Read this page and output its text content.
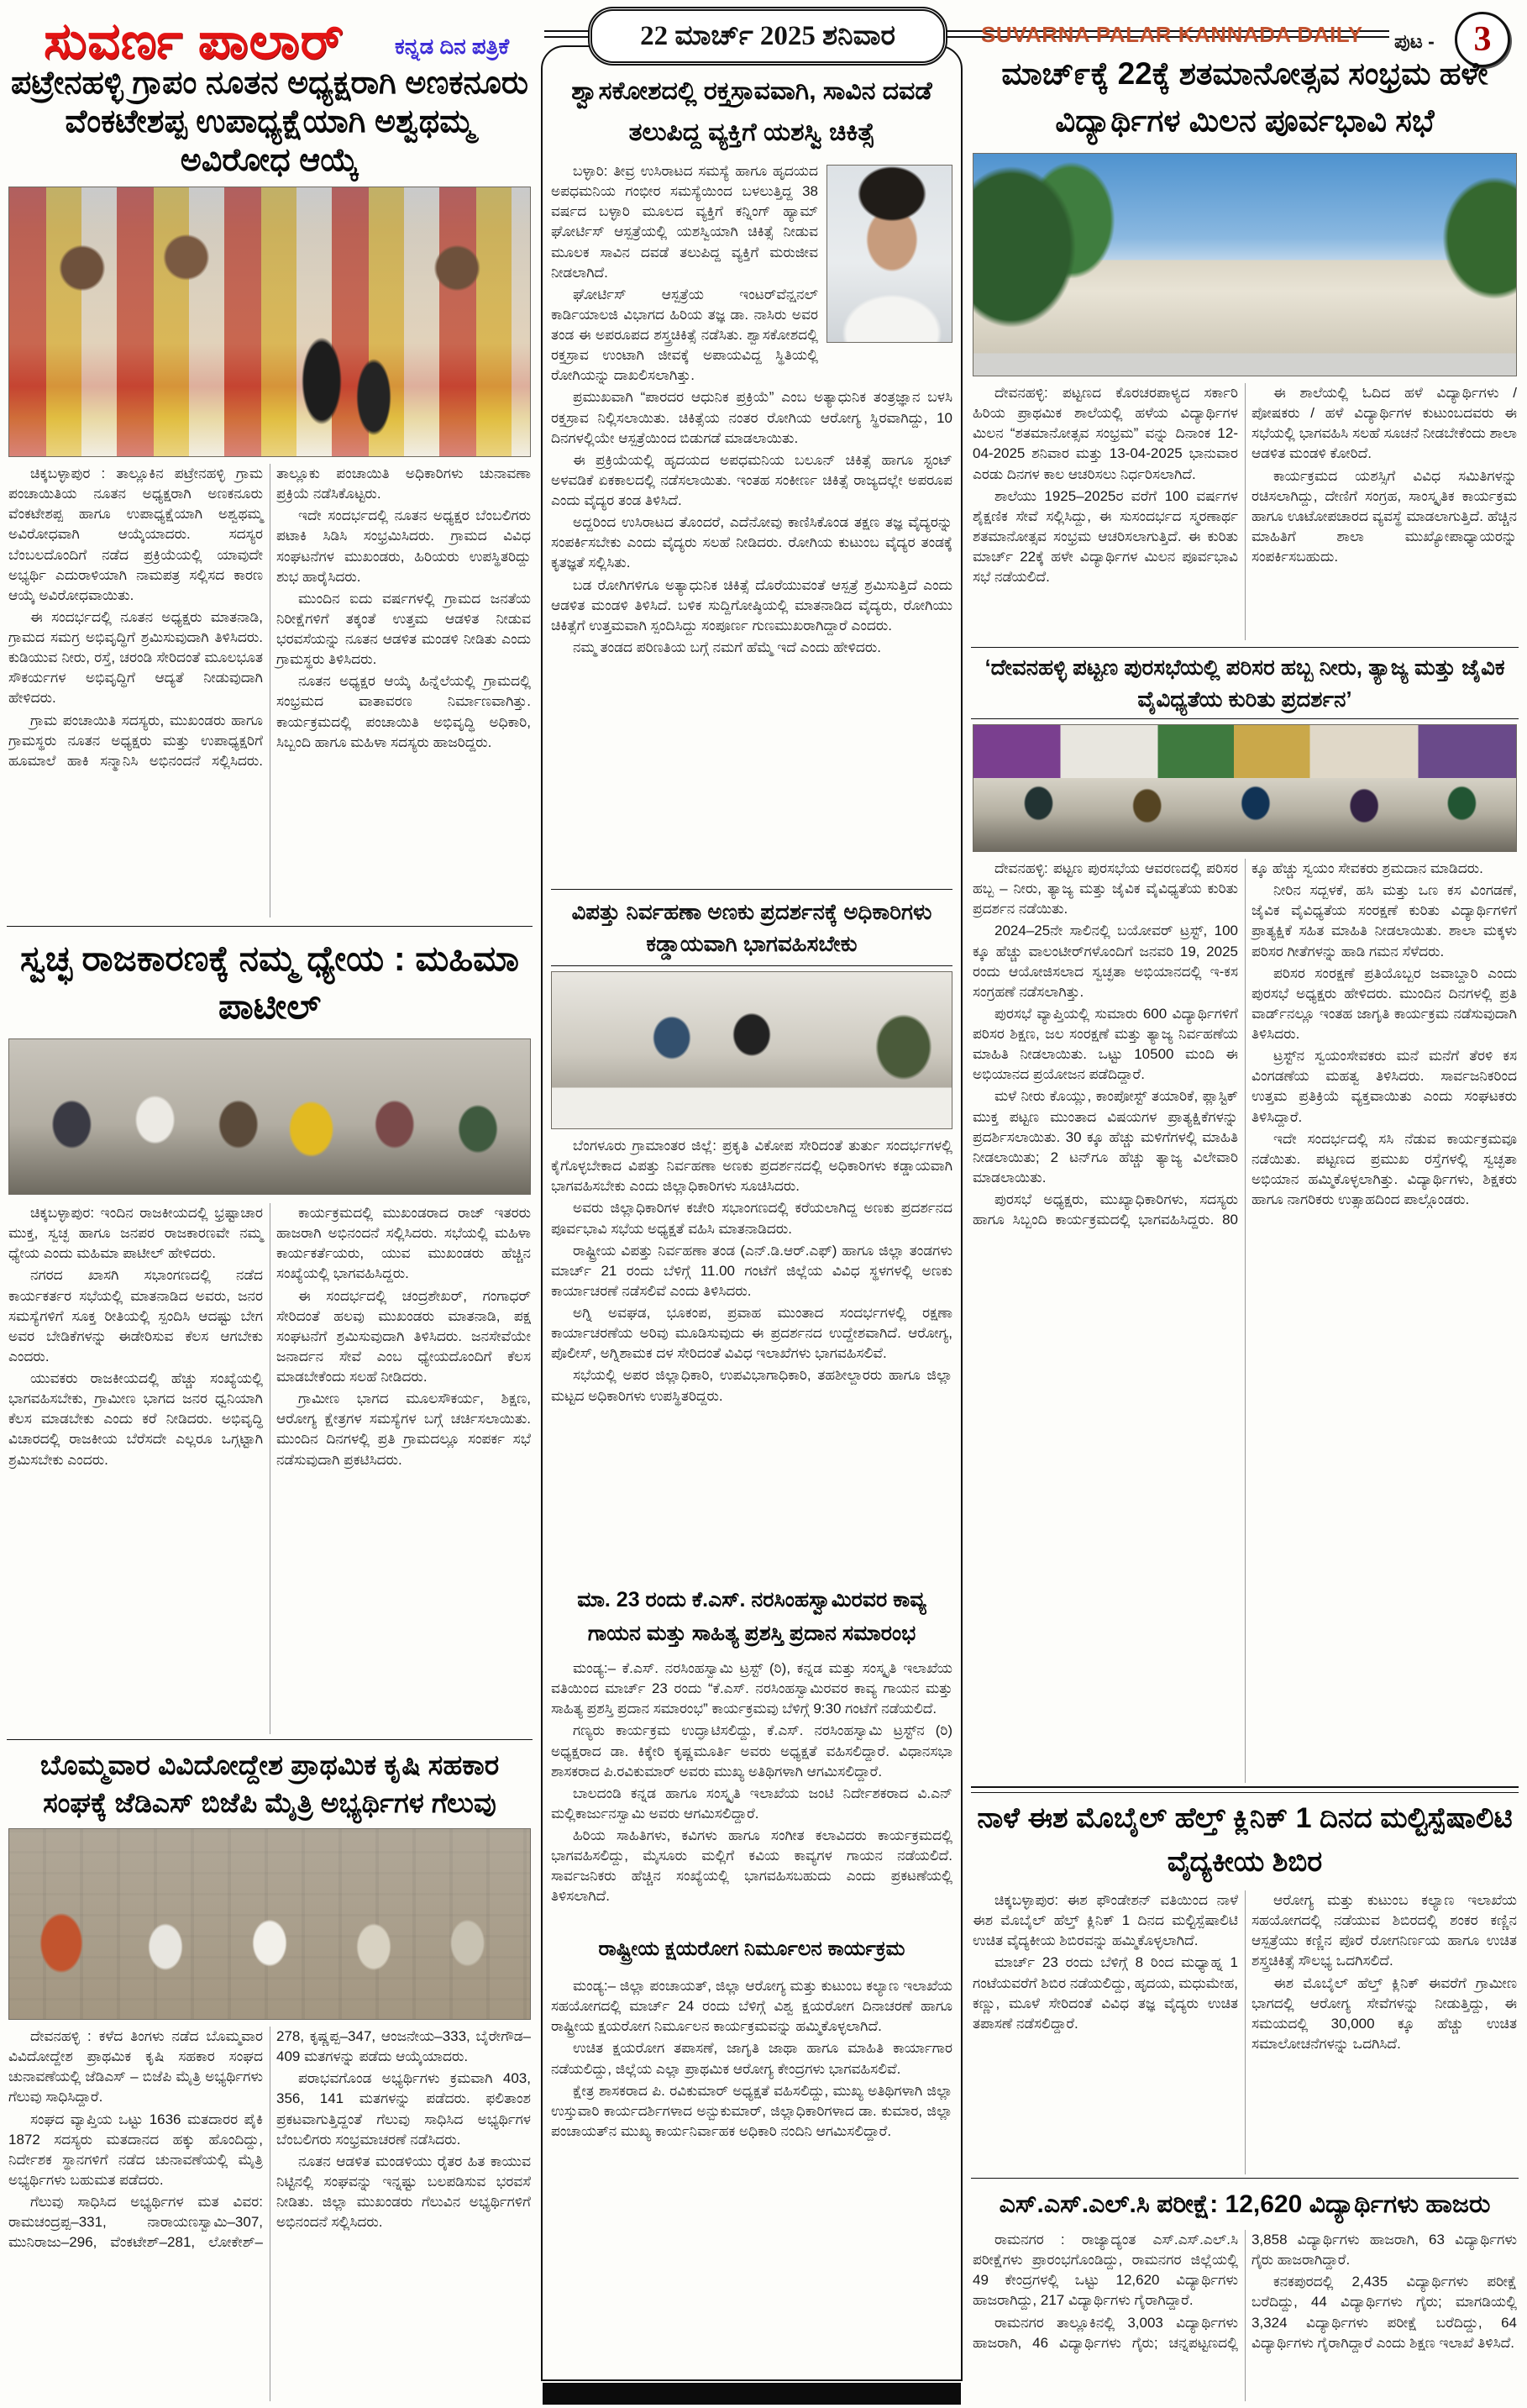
ಸುವರ್ಣ ಪಾಲಾರ್ ಕನ್ನಡ ದಿನ ಪತ್ರಿಕೆ	22 ಮಾರ್ಚ್ 2025 ಶನಿವಾರ	SUVARNA PALAR KANNADA DAILY ಪುಟ -	3
ಪಟ್ರೇನಹಳ್ಳಿ ಗ್ರಾಪಂ ನೂತನ ಅಧ್ಯಕ್ಷರಾಗಿ ಅಣಕನೂರು ವೆಂಕಟೇಶಪ್ಪ ಉಪಾಧ್ಯಕ್ಷೆಯಾಗಿ ಅಶ್ವಥಮ್ಮ ಅವಿರೋಧ ಆಯ್ಕೆ

ಚಿಕ್ಕಬಳ್ಳಾಪುರ : ತಾಲ್ಲೂಕಿನ ಪಟ್ರೇನಹಳ್ಳಿ ಗ್ರಾಮ ಪಂಚಾಯಿತಿಯ ನೂತನ ಅಧ್ಯಕ್ಷರಾಗಿ ಅಣಕನೂರು ವೆಂಕಟೇಶಪ್ಪ ಹಾಗೂ ಉಪಾಧ್ಯಕ್ಷೆಯಾಗಿ ಅಶ್ವಥಮ್ಮ ಅವಿರೋಧವಾಗಿ ಆಯ್ಕೆಯಾದರು. ಸದಸ್ಯರ ಬೆಂಬಲದೊಂದಿಗೆ ನಡೆದ ಪ್ರಕ್ರಿಯೆಯಲ್ಲಿ ಯಾವುದೇ ಅಭ್ಯರ್ಥಿ ಎದುರಾಳಿಯಾಗಿ ನಾಮಪತ್ರ ಸಲ್ಲಿಸದ ಕಾರಣ ಆಯ್ಕೆ ಅವಿರೋಧವಾಯಿತು.

ಈ ಸಂದರ್ಭದಲ್ಲಿ ನೂತನ ಅಧ್ಯಕ್ಷರು ಮಾತನಾಡಿ, ಗ್ರಾಮದ ಸಮಗ್ರ ಅಭಿವೃದ್ಧಿಗೆ ಶ್ರಮಿಸುವುದಾಗಿ ತಿಳಿಸಿದರು. ಕುಡಿಯುವ ನೀರು, ರಸ್ತೆ, ಚರಂಡಿ ಸೇರಿದಂತೆ ಮೂಲಭೂತ ಸೌಕರ್ಯಗಳ ಅಭಿವೃದ್ಧಿಗೆ ಆದ್ಯತೆ ನೀಡುವುದಾಗಿ ಹೇಳಿದರು.

ಗ್ರಾಮ ಪಂಚಾಯಿತಿ ಸದಸ್ಯರು, ಮುಖಂಡರು ಹಾಗೂ ಗ್ರಾಮಸ್ಥರು ನೂತನ ಅಧ್ಯಕ್ಷರು ಮತ್ತು ಉಪಾಧ್ಯಕ್ಷರಿಗೆ ಹೂಮಾಲೆ ಹಾಕಿ ಸನ್ಮಾನಿಸಿ ಅಭಿನಂದನೆ ಸಲ್ಲಿಸಿದರು. ತಾಲ್ಲೂಕು ಪಂಚಾಯಿತಿ ಅಧಿಕಾರಿಗಳು ಚುನಾವಣಾ ಪ್ರಕ್ರಿಯೆ ನಡೆಸಿಕೊಟ್ಟರು.

ಇದೇ ಸಂದರ್ಭದಲ್ಲಿ ನೂತನ ಅಧ್ಯಕ್ಷರ ಬೆಂಬಲಿಗರು ಪಟಾಕಿ ಸಿಡಿಸಿ ಸಂಭ್ರಮಿಸಿದರು. ಗ್ರಾಮದ ವಿವಿಧ ಸಂಘಟನೆಗಳ ಮುಖಂಡರು, ಹಿರಿಯರು ಉಪಸ್ಥಿತರಿದ್ದು ಶುಭ ಹಾರೈಸಿದರು.

ಮುಂದಿನ ಐದು ವರ್ಷಗಳಲ್ಲಿ ಗ್ರಾಮದ ಜನತೆಯ ನಿರೀಕ್ಷೆಗಳಿಗೆ ತಕ್ಕಂತೆ ಉತ್ತಮ ಆಡಳಿತ ನೀಡುವ ಭರವಸೆಯನ್ನು ನೂತನ ಆಡಳಿತ ಮಂಡಳಿ ನೀಡಿತು ಎಂದು ಗ್ರಾಮಸ್ಥರು ತಿಳಿಸಿದರು.

ನೂತನ ಅಧ್ಯಕ್ಷರ ಆಯ್ಕೆ ಹಿನ್ನೆಲೆಯಲ್ಲಿ ಗ್ರಾಮದಲ್ಲಿ ಸಂಭ್ರಮದ ವಾತಾವರಣ ನಿರ್ಮಾಣವಾಗಿತ್ತು. ಕಾರ್ಯಕ್ರಮದಲ್ಲಿ ಪಂಚಾಯಿತಿ ಅಭಿವೃದ್ಧಿ ಅಧಿಕಾರಿ, ಸಿಬ್ಬಂದಿ ಹಾಗೂ ಮಹಿಳಾ ಸದಸ್ಯರು ಹಾಜರಿದ್ದರು.

ಸ್ವಚ್ಛ ರಾಜಕಾರಣಕ್ಕೆ ನಮ್ಮ ಧ್ಯೇಯ : ಮಹಿಮಾ ಪಾಟೀಲ್

ಚಿಕ್ಕಬಳ್ಳಾಪುರ: ಇಂದಿನ ರಾಜಕೀಯದಲ್ಲಿ ಭ್ರಷ್ಟಾಚಾರ ಮುಕ್ತ, ಸ್ವಚ್ಛ ಹಾಗೂ ಜನಪರ ರಾಜಕಾರಣವೇ ನಮ್ಮ ಧ್ಯೇಯ ಎಂದು ಮಹಿಮಾ ಪಾಟೀಲ್ ಹೇಳಿದರು.

ನಗರದ ಖಾಸಗಿ ಸಭಾಂಗಣದಲ್ಲಿ ನಡೆದ ಕಾರ್ಯಕರ್ತರ ಸಭೆಯಲ್ಲಿ ಮಾತನಾಡಿದ ಅವರು, ಜನರ ಸಮಸ್ಯೆಗಳಿಗೆ ಸೂಕ್ತ ರೀತಿಯಲ್ಲಿ ಸ್ಪಂದಿಸಿ ಆದಷ್ಟು ಬೇಗ ಅವರ ಬೇಡಿಕೆಗಳನ್ನು ಈಡೇರಿಸುವ ಕೆಲಸ ಆಗಬೇಕು ಎಂದರು.

ಯುವಕರು ರಾಜಕೀಯದಲ್ಲಿ ಹೆಚ್ಚು ಸಂಖ್ಯೆಯಲ್ಲಿ ಭಾಗವಹಿಸಬೇಕು, ಗ್ರಾಮೀಣ ಭಾಗದ ಜನರ ಧ್ವನಿಯಾಗಿ ಕೆಲಸ ಮಾಡಬೇಕು ಎಂದು ಕರೆ ನೀಡಿದರು. ಅಭಿವೃದ್ಧಿ ವಿಚಾರದಲ್ಲಿ ರಾಜಕೀಯ ಬೆರೆಸದೇ ಎಲ್ಲರೂ ಒಗ್ಗಟ್ಟಾಗಿ ಶ್ರಮಿಸಬೇಕು ಎಂದರು.

ಕಾರ್ಯಕ್ರಮದಲ್ಲಿ ಮುಖಂಡರಾದ ರಾಜ್ ಇತರರು ಹಾಜರಾಗಿ ಅಭಿನಂದನೆ ಸಲ್ಲಿಸಿದರು. ಸಭೆಯಲ್ಲಿ ಮಹಿಳಾ ಕಾರ್ಯಕರ್ತೆಯರು, ಯುವ ಮುಖಂಡರು ಹೆಚ್ಚಿನ ಸಂಖ್ಯೆಯಲ್ಲಿ ಭಾಗವಹಿಸಿದ್ದರು.

ಈ ಸಂದರ್ಭದಲ್ಲಿ ಚಂದ್ರಶೇಖರ್, ಗಂಗಾಧರ್ ಸೇರಿದಂತೆ ಹಲವು ಮುಖಂಡರು ಮಾತನಾಡಿ, ಪಕ್ಷ ಸಂಘಟನೆಗೆ ಶ್ರಮಿಸುವುದಾಗಿ ತಿಳಿಸಿದರು. ಜನಸೇವೆಯೇ ಜನಾರ್ದನ ಸೇವೆ ಎಂಬ ಧ್ಯೇಯದೊಂದಿಗೆ ಕೆಲಸ ಮಾಡಬೇಕೆಂದು ಸಲಹೆ ನೀಡಿದರು.

ಗ್ರಾಮೀಣ ಭಾಗದ ಮೂಲಸೌಕರ್ಯ, ಶಿಕ್ಷಣ, ಆರೋಗ್ಯ ಕ್ಷೇತ್ರಗಳ ಸಮಸ್ಯೆಗಳ ಬಗ್ಗೆ ಚರ್ಚಿಸಲಾಯಿತು. ಮುಂದಿನ ದಿನಗಳಲ್ಲಿ ಪ್ರತಿ ಗ್ರಾಮದಲ್ಲೂ ಸಂಪರ್ಕ ಸಭೆ ನಡೆಸುವುದಾಗಿ ಪ್ರಕಟಿಸಿದರು.

ಬೊಮ್ಮವಾರ ವಿವಿದೋದ್ದೇಶ ಪ್ರಾಥಮಿಕ ಕೃಷಿ ಸಹಕಾರ ಸಂಘಕ್ಕೆ ಜೆಡಿಎಸ್ ಬಿಜೆಪಿ ಮೈತ್ರಿ ಅಭ್ಯರ್ಥಿಗಳ ಗೆಲುವು

ದೇವನಹಳ್ಳಿ : ಕಳೆದ ತಿಂಗಳು ನಡೆದ ಬೊಮ್ಮವಾರ ವಿವಿದೋದ್ದೇಶ ಪ್ರಾಥಮಿಕ ಕೃಷಿ ಸಹಕಾರ ಸಂಘದ ಚುನಾವಣೆಯಲ್ಲಿ ಜೆಡಿಎಸ್ – ಬಿಜೆಪಿ ಮೈತ್ರಿ ಅಭ್ಯರ್ಥಿಗಳು ಗೆಲುವು ಸಾಧಿಸಿದ್ದಾರೆ.

ಸಂಘದ ವ್ಯಾಪ್ತಿಯ ಒಟ್ಟು 1636 ಮತದಾರರ ಪೈಕಿ 1872 ಸದಸ್ಯರು ಮತದಾನದ ಹಕ್ಕು ಹೊಂದಿದ್ದು, ನಿರ್ದೇಶಕ ಸ್ಥಾನಗಳಿಗೆ ನಡೆದ ಚುನಾವಣೆಯಲ್ಲಿ ಮೈತ್ರಿ ಅಭ್ಯರ್ಥಿಗಳು ಬಹುಮತ ಪಡೆದರು.

ಗೆಲುವು ಸಾಧಿಸಿದ ಅಭ್ಯರ್ಥಿಗಳ ಮತ ವಿವರ: ರಾಮಚಂದ್ರಪ್ಪ–331, ನಾರಾಯಣಸ್ವಾಮಿ–307, ಮುನಿರಾಜು–296, ವೆಂಕಟೇಶ್–281, ಲೋಕೇಶ್–278, ಕೃಷ್ಣಪ್ಪ–347, ಆಂಜನೇಯ–333, ಬೈರೇಗೌಡ–409 ಮತಗಳನ್ನು ಪಡೆದು ಆಯ್ಕೆಯಾದರು.

ಪರಾಭವಗೊಂಡ ಅಭ್ಯರ್ಥಿಗಳು ಕ್ರಮವಾಗಿ 403, 356, 141 ಮತಗಳನ್ನು ಪಡೆದರು. ಫಲಿತಾಂಶ ಪ್ರಕಟವಾಗುತ್ತಿದ್ದಂತೆ ಗೆಲುವು ಸಾಧಿಸಿದ ಅಭ್ಯರ್ಥಿಗಳ ಬೆಂಬಲಿಗರು ಸಂಭ್ರಮಾಚರಣೆ ನಡೆಸಿದರು.

ನೂತನ ಆಡಳಿತ ಮಂಡಳಿಯು ರೈತರ ಹಿತ ಕಾಯುವ ನಿಟ್ಟಿನಲ್ಲಿ ಸಂಘವನ್ನು ಇನ್ನಷ್ಟು ಬಲಪಡಿಸುವ ಭರವಸೆ ನೀಡಿತು. ಜಿಲ್ಲಾ ಮುಖಂಡರು ಗೆಲುವಿನ ಅಭ್ಯರ್ಥಿಗಳಿಗೆ ಅಭಿನಂದನೆ ಸಲ್ಲಿಸಿದರು.

ಶ್ವಾಸಕೋಶದಲ್ಲಿ ರಕ್ತಸ್ರಾವವಾಗಿ, ಸಾವಿನ ದವಡೆ ತಲುಪಿದ್ದ ವ್ಯಕ್ತಿಗೆ ಯಶಸ್ವಿ ಚಿಕಿತ್ಸೆ

ಬಳ್ಳಾರಿ: ತೀವ್ರ ಉಸಿರಾಟದ ಸಮಸ್ಯೆ ಹಾಗೂ ಹೃದಯದ ಅಪಧಮನಿಯ ಗಂಭೀರ ಸಮಸ್ಯೆಯಿಂದ ಬಳಲುತ್ತಿದ್ದ 38 ವರ್ಷದ ಬಳ್ಳಾರಿ ಮೂಲದ ವ್ಯಕ್ತಿಗೆ ಕನ್ನಿಂಗ್ ಹ್ಯಾಮ್ ಘೋರ್ಟಿಸ್ ಆಸ್ಪತ್ರೆಯಲ್ಲಿ ಯಶಸ್ವಿಯಾಗಿ ಚಿಕಿತ್ಸೆ ನೀಡುವ ಮೂಲಕ ಸಾವಿನ ದವಡೆ ತಲುಪಿದ್ದ ವ್ಯಕ್ತಿಗೆ ಮರುಜೀವ ನೀಡಲಾಗಿದೆ.

ಘೋರ್ಟಿಸ್ ಆಸ್ಪತ್ರೆಯ ಇಂಟರ್‌ವೆನ್ಷನಲ್ ಕಾರ್ಡಿಯಾಲಜಿ ವಿಭಾಗದ ಹಿರಿಯ ತಜ್ಞ ಡಾ. ನಾಸಿರು ಅವರ ತಂಡ ಈ ಅಪರೂಪದ ಶಸ್ತ್ರಚಿಕಿತ್ಸೆ ನಡೆಸಿತು. ಶ್ವಾಸಕೋಶದಲ್ಲಿ ರಕ್ತಸ್ರಾವ ಉಂಟಾಗಿ ಜೀವಕ್ಕೆ ಅಪಾಯವಿದ್ದ ಸ್ಥಿತಿಯಲ್ಲಿ ರೋಗಿಯನ್ನು ದಾಖಲಿಸಲಾಗಿತ್ತು.

ಪ್ರಮುಖವಾಗಿ “ಪಾರದರ ಆಧುನಿಕ ಪ್ರಕ್ರಿಯೆ” ಎಂಬ ಅತ್ಯಾಧುನಿಕ ತಂತ್ರಜ್ಞಾನ ಬಳಸಿ ರಕ್ತಸ್ರಾವ ನಿಲ್ಲಿಸಲಾಯಿತು. ಚಿಕಿತ್ಸೆಯ ನಂತರ ರೋಗಿಯ ಆರೋಗ್ಯ ಸ್ಥಿರವಾಗಿದ್ದು, 10 ದಿನಗಳಲ್ಲಿಯೇ ಆಸ್ಪತ್ರೆಯಿಂದ ಬಿಡುಗಡೆ ಮಾಡಲಾಯಿತು.

ಈ ಪ್ರಕ್ರಿಯೆಯಲ್ಲಿ ಹೃದಯದ ಅಪಧಮನಿಯ ಬಲೂನ್ ಚಿಕಿತ್ಸೆ ಹಾಗೂ ಸ್ಟಂಟ್ ಅಳವಡಿಕೆ ಏಕಕಾಲದಲ್ಲಿ ನಡೆಸಲಾಯಿತು. ಇಂತಹ ಸಂಕೀರ್ಣ ಚಿಕಿತ್ಸೆ ರಾಜ್ಯದಲ್ಲೇ ಅಪರೂಪ ಎಂದು ವೈದ್ಯರ ತಂಡ ತಿಳಿಸಿದೆ.

ಅದ್ದರಿಂದ ಉಸಿರಾಟದ ತೊಂದರೆ, ಎದೆನೋವು ಕಾಣಿಸಿಕೊಂಡ ತಕ್ಷಣ ತಜ್ಞ ವೈದ್ಯರನ್ನು ಸಂಪರ್ಕಿಸಬೇಕು ಎಂದು ವೈದ್ಯರು ಸಲಹೆ ನೀಡಿದರು. ರೋಗಿಯ ಕುಟುಂಬ ವೈದ್ಯರ ತಂಡಕ್ಕೆ ಕೃತಜ್ಞತೆ ಸಲ್ಲಿಸಿತು.

ಬಡ ರೋಗಿಗಳಿಗೂ ಅತ್ಯಾಧುನಿಕ ಚಿಕಿತ್ಸೆ ದೊರೆಯುವಂತೆ ಆಸ್ಪತ್ರೆ ಶ್ರಮಿಸುತ್ತಿದೆ ಎಂದು ಆಡಳಿತ ಮಂಡಳಿ ತಿಳಿಸಿದೆ. ಬಳಿಕ ಸುದ್ದಿಗೋಷ್ಠಿಯಲ್ಲಿ ಮಾತನಾಡಿದ ವೈದ್ಯರು, ರೋಗಿಯು ಚಿಕಿತ್ಸೆಗೆ ಉತ್ತಮವಾಗಿ ಸ್ಪಂದಿಸಿದ್ದು ಸಂಪೂರ್ಣ ಗುಣಮುಖರಾಗಿದ್ದಾರೆ ಎಂದರು.

ನಮ್ಮ ತಂಡದ ಪರಿಣತಿಯ ಬಗ್ಗೆ ನಮಗೆ ಹೆಮ್ಮೆ ಇದೆ ಎಂದು ಹೇಳಿದರು.

ವಿಪತ್ತು ನಿರ್ವಹಣಾ ಅಣಕು ಪ್ರದರ್ಶನಕ್ಕೆ ಅಧಿಕಾರಿಗಳು ಕಡ್ಡಾಯವಾಗಿ ಭಾಗವಹಿಸಬೇಕು

ಬೆಂಗಳೂರು ಗ್ರಾಮಾಂತರ ಜಿಲ್ಲೆ: ಪ್ರಕೃತಿ ವಿಕೋಪ ಸೇರಿದಂತೆ ತುರ್ತು ಸಂದರ್ಭಗಳಲ್ಲಿ ಕೈಗೊಳ್ಳಬೇಕಾದ ವಿಪತ್ತು ನಿರ್ವಹಣಾ ಅಣಕು ಪ್ರದರ್ಶನದಲ್ಲಿ ಅಧಿಕಾರಿಗಳು ಕಡ್ಡಾಯವಾಗಿ ಭಾಗವಹಿಸಬೇಕು ಎಂದು ಜಿಲ್ಲಾಧಿಕಾರಿಗಳು ಸೂಚಿಸಿದರು.

ಅವರು ಜಿಲ್ಲಾಧಿಕಾರಿಗಳ ಕಚೇರಿ ಸಭಾಂಗಣದಲ್ಲಿ ಕರೆಯಲಾಗಿದ್ದ ಅಣಕು ಪ್ರದರ್ಶನದ ಪೂರ್ವಭಾವಿ ಸಭೆಯ ಅಧ್ಯಕ್ಷತೆ ವಹಿಸಿ ಮಾತನಾಡಿದರು.

ರಾಷ್ಟ್ರೀಯ ವಿಪತ್ತು ನಿರ್ವಹಣಾ ತಂಡ (ಎನ್.ಡಿ.ಆರ್.ಎಫ್) ಹಾಗೂ ಜಿಲ್ಲಾ ತಂಡಗಳು ಮಾರ್ಚ್ 21 ರಂದು ಬೆಳಿಗ್ಗೆ 11.00 ಗಂಟೆಗೆ ಜಿಲ್ಲೆಯ ವಿವಿಧ ಸ್ಥಳಗಳಲ್ಲಿ ಅಣಕು ಕಾರ್ಯಾಚರಣೆ ನಡೆಸಲಿವೆ ಎಂದು ತಿಳಿಸಿದರು.

ಅಗ್ನಿ ಅವಘಡ, ಭೂಕಂಪ, ಪ್ರವಾಹ ಮುಂತಾದ ಸಂದರ್ಭಗಳಲ್ಲಿ ರಕ್ಷಣಾ ಕಾರ್ಯಾಚರಣೆಯ ಅರಿವು ಮೂಡಿಸುವುದು ಈ ಪ್ರದರ್ಶನದ ಉದ್ದೇಶವಾಗಿದೆ. ಆರೋಗ್ಯ, ಪೊಲೀಸ್, ಅಗ್ನಿಶಾಮಕ ದಳ ಸೇರಿದಂತೆ ವಿವಿಧ ಇಲಾಖೆಗಳು ಭಾಗವಹಿಸಲಿವೆ.

ಸಭೆಯಲ್ಲಿ ಅಪರ ಜಿಲ್ಲಾಧಿಕಾರಿ, ಉಪವಿಭಾಗಾಧಿಕಾರಿ, ತಹಶೀಲ್ದಾರರು ಹಾಗೂ ಜಿಲ್ಲಾ ಮಟ್ಟದ ಅಧಿಕಾರಿಗಳು ಉಪಸ್ಥಿತರಿದ್ದರು.

ಮಾ. 23 ರಂದು ಕೆ.ಎಸ್. ನರಸಿಂಹಸ್ವಾಮಿರವರ ಕಾವ್ಯ ಗಾಯನ ಮತ್ತು ಸಾಹಿತ್ಯ ಪ್ರಶಸ್ತಿ ಪ್ರದಾನ ಸಮಾರಂಭ

ಮಂಡ್ಯ:– ಕೆ.ಎಸ್. ನರಸಿಂಹಸ್ವಾಮಿ ಟ್ರಸ್ಟ್ (ರಿ), ಕನ್ನಡ ಮತ್ತು ಸಂಸ್ಕೃತಿ ಇಲಾಖೆಯ ವತಿಯಿಂದ ಮಾರ್ಚ್ 23 ರಂದು “ಕೆ.ಎಸ್. ನರಸಿಂಹಸ್ವಾಮಿರವರ ಕಾವ್ಯ ಗಾಯನ ಮತ್ತು ಸಾಹಿತ್ಯ ಪ್ರಶಸ್ತಿ ಪ್ರದಾನ ಸಮಾರಂಭ” ಕಾರ್ಯಕ್ರಮವು ಬೆಳಿಗ್ಗೆ 9:30 ಗಂಟೆಗೆ ನಡೆಯಲಿದೆ.

ಗಣ್ಯರು ಕಾರ್ಯಕ್ರಮ ಉದ್ಘಾಟಿಸಲಿದ್ದು, ಕೆ.ಎಸ್. ನರಸಿಂಹಸ್ವಾಮಿ ಟ್ರಸ್ಟ್‌ನ (ರಿ) ಅಧ್ಯಕ್ಷರಾದ ಡಾ. ಕಿಕ್ಕೇರಿ ಕೃಷ್ಣಮೂರ್ತಿ ಅವರು ಅಧ್ಯಕ್ಷತೆ ವಹಿಸಲಿದ್ದಾರೆ. ವಿಧಾನಸಭಾ ಶಾಸಕರಾದ ಪಿ.ರವಿಕುಮಾರ್ ಅವರು ಮುಖ್ಯ ಅತಿಥಿಗಳಾಗಿ ಆಗಮಿಸಲಿದ್ದಾರೆ.

ಬಾಲದಂಡಿ ಕನ್ನಡ ಹಾಗೂ ಸಂಸ್ಕೃತಿ ಇಲಾಖೆಯ ಜಂಟಿ ನಿರ್ದೇಶಕರಾದ ವಿ.ಎನ್ ಮಲ್ಲಿಕಾರ್ಜುನಸ್ವಾಮಿ ಅವರು ಆಗಮಿಸಲಿದ್ದಾರೆ.

ಹಿರಿಯ ಸಾಹಿತಿಗಳು, ಕವಿಗಳು ಹಾಗೂ ಸಂಗೀತ ಕಲಾವಿದರು ಕಾರ್ಯಕ್ರಮದಲ್ಲಿ ಭಾಗವಹಿಸಲಿದ್ದು, ಮೈಸೂರು ಮಲ್ಲಿಗೆ ಕವಿಯ ಕಾವ್ಯಗಳ ಗಾಯನ ನಡೆಯಲಿದೆ. ಸಾರ್ವಜನಿಕರು ಹೆಚ್ಚಿನ ಸಂಖ್ಯೆಯಲ್ಲಿ ಭಾಗವಹಿಸಬಹುದು ಎಂದು ಪ್ರಕಟಣೆಯಲ್ಲಿ ತಿಳಿಸಲಾಗಿದೆ.

ರಾಷ್ಟ್ರೀಯ ಕ್ಷಯರೋಗ ನಿರ್ಮೂಲನ ಕಾರ್ಯಕ್ರಮ

ಮಂಡ್ಯ:– ಜಿಲ್ಲಾ ಪಂಚಾಯತ್, ಜಿಲ್ಲಾ ಆರೋಗ್ಯ ಮತ್ತು ಕುಟುಂಬ ಕಲ್ಯಾಣ ಇಲಾಖೆಯ ಸಹಯೋಗದಲ್ಲಿ ಮಾರ್ಚ್ 24 ರಂದು ಬೆಳಿಗ್ಗೆ ವಿಶ್ವ ಕ್ಷಯರೋಗ ದಿನಾಚರಣೆ ಹಾಗೂ ರಾಷ್ಟ್ರೀಯ ಕ್ಷಯರೋಗ ನಿರ್ಮೂಲನ ಕಾರ್ಯಕ್ರಮವನ್ನು ಹಮ್ಮಿಕೊಳ್ಳಲಾಗಿದೆ.

ಉಚಿತ ಕ್ಷಯರೋಗ ತಪಾಸಣೆ, ಜಾಗೃತಿ ಜಾಥಾ ಹಾಗೂ ಮಾಹಿತಿ ಕಾರ್ಯಾಗಾರ ನಡೆಯಲಿದ್ದು, ಜಿಲ್ಲೆಯ ಎಲ್ಲಾ ಪ್ರಾಥಮಿಕ ಆರೋಗ್ಯ ಕೇಂದ್ರಗಳು ಭಾಗವಹಿಸಲಿವೆ.

ಕ್ಷೇತ್ರ ಶಾಸಕರಾದ ಪಿ. ರವಿಕುಮಾರ್ ಅಧ್ಯಕ್ಷತೆ ವಹಿಸಲಿದ್ದು, ಮುಖ್ಯ ಅತಿಥಿಗಳಾಗಿ ಜಿಲ್ಲಾ ಉಸ್ತುವಾರಿ ಕಾರ್ಯದರ್ಶಿಗಳಾದ ಅನ್ಬುಕುಮಾರ್, ಜಿಲ್ಲಾಧಿಕಾರಿಗಳಾದ ಡಾ. ಕುಮಾರ, ಜಿಲ್ಲಾ ಪಂಚಾಯತ್‌ನ ಮುಖ್ಯ ಕಾರ್ಯನಿರ್ವಾಹಕ ಅಧಿಕಾರಿ ನಂದಿನಿ ಆಗಮಿಸಲಿದ್ದಾರೆ.

ಮಾಚ್೯ಕ್ಕೆ 22ಕ್ಕೆ ಶತಮಾನೋತ್ಸವ ಸಂಭ್ರಮ ಹಳೇ ವಿದ್ಯಾರ್ಥಿಗಳ ಮಿಲನ ಪೂರ್ವಭಾವಿ ಸಭೆ

ದೇವನಹಳ್ಳಿ: ಪಟ್ಟಣದ ಕೊರಚರಪಾಳ್ಯದ ಸರ್ಕಾರಿ ಹಿರಿಯ ಪ್ರಾಥಮಿಕ ಶಾಲೆಯಲ್ಲಿ ಹಳೆಯ ವಿದ್ಯಾರ್ಥಿಗಳ ಮಿಲನ “ಶತಮಾನೋತ್ಸವ ಸಂಭ್ರಮ” ವನ್ನು ದಿನಾಂಕ 12-04-2025 ಶನಿವಾರ ಮತ್ತು 13-04-2025 ಭಾನುವಾರ ಎರಡು ದಿನಗಳ ಕಾಲ ಆಚರಿಸಲು ನಿರ್ಧರಿಸಲಾಗಿದೆ.

ಶಾಲೆಯು 1925–2025ರ ವರೆಗೆ 100 ವರ್ಷಗಳ ಶೈಕ್ಷಣಿಕ ಸೇವೆ ಸಲ್ಲಿಸಿದ್ದು, ಈ ಸುಸಂದರ್ಭದ ಸ್ಮರಣಾರ್ಥ ಶತಮಾನೋತ್ಸವ ಸಂಭ್ರಮ ಆಚರಿಸಲಾಗುತ್ತಿದೆ. ಈ ಕುರಿತು ಮಾರ್ಚ್ 22ಕ್ಕೆ ಹಳೇ ವಿದ್ಯಾರ್ಥಿಗಳ ಮಿಲನ ಪೂರ್ವಭಾವಿ ಸಭೆ ನಡೆಯಲಿದೆ.

ಈ ಶಾಲೆಯಲ್ಲಿ ಓದಿದ ಹಳೆ ವಿದ್ಯಾರ್ಥಿಗಳು / ಪೋಷಕರು / ಹಳೆ ವಿದ್ಯಾರ್ಥಿಗಳ ಕುಟುಂಬದವರು ಈ ಸಭೆಯಲ್ಲಿ ಭಾಗವಹಿಸಿ ಸಲಹೆ ಸೂಚನೆ ನೀಡಬೇಕೆಂದು ಶಾಲಾ ಆಡಳಿತ ಮಂಡಳಿ ಕೋರಿದೆ.

ಕಾರ್ಯಕ್ರಮದ ಯಶಸ್ಸಿಗೆ ವಿವಿಧ ಸಮಿತಿಗಳನ್ನು ರಚಿಸಲಾಗಿದ್ದು, ದೇಣಿಗೆ ಸಂಗ್ರಹ, ಸಾಂಸ್ಕೃತಿಕ ಕಾರ್ಯಕ್ರಮ ಹಾಗೂ ಊಟೋಪಚಾರದ ವ್ಯವಸ್ಥೆ ಮಾಡಲಾಗುತ್ತಿದೆ. ಹೆಚ್ಚಿನ ಮಾಹಿತಿಗೆ ಶಾಲಾ ಮುಖ್ಯೋಪಾಧ್ಯಾಯರನ್ನು ಸಂಪರ್ಕಿಸಬಹುದು.

‘ದೇವನಹಳ್ಳಿ ಪಟ್ಟಣ ಪುರಸಭೆಯಲ್ಲಿ ಪರಿಸರ ಹಬ್ಬ ನೀರು, ತ್ಯಾಜ್ಯ ಮತ್ತು ಜೈವಿಕ ವೈವಿಧ್ಯತೆಯ ಕುರಿತು ಪ್ರದರ್ಶನ’

ದೇವನಹಳ್ಳಿ: ಪಟ್ಟಣ ಪುರಸಭೆಯ ಆವರಣದಲ್ಲಿ ಪರಿಸರ ಹಬ್ಬ – ನೀರು, ತ್ಯಾಜ್ಯ ಮತ್ತು ಜೈವಿಕ ವೈವಿಧ್ಯತೆಯ ಕುರಿತು ಪ್ರದರ್ಶನ ನಡೆಯಿತು.

2024–25ನೇ ಸಾಲಿನಲ್ಲಿ ಬಯೋವರ್ ಟ್ರಸ್ಟ್, 100 ಕ್ಕೂ ಹೆಚ್ಚು ವಾಲಂಟೀರ್‌ಗಳೊಂದಿಗೆ ಜನವರಿ 19, 2025 ರಂದು ಆಯೋಜಿಸಲಾದ ಸ್ವಚ್ಛತಾ ಅಭಿಯಾನದಲ್ಲಿ ಇ-ಕಸ ಸಂಗ್ರಹಣೆ ನಡೆಸಲಾಗಿತ್ತು.

ಪುರಸಭೆ ವ್ಯಾಪ್ತಿಯಲ್ಲಿ ಸುಮಾರು 600 ವಿದ್ಯಾರ್ಥಿಗಳಿಗೆ ಪರಿಸರ ಶಿಕ್ಷಣ, ಜಲ ಸಂರಕ್ಷಣೆ ಮತ್ತು ತ್ಯಾಜ್ಯ ನಿರ್ವಹಣೆಯ ಮಾಹಿತಿ ನೀಡಲಾಯಿತು. ಒಟ್ಟು 10500 ಮಂದಿ ಈ ಅಭಿಯಾನದ ಪ್ರಯೋಜನ ಪಡೆದಿದ್ದಾರೆ.

ಮಳೆ ನೀರು ಕೊಯ್ಲು, ಕಾಂಪೋಸ್ಟ್ ತಯಾರಿಕೆ, ಪ್ಲಾಸ್ಟಿಕ್ ಮುಕ್ತ ಪಟ್ಟಣ ಮುಂತಾದ ವಿಷಯಗಳ ಪ್ರಾತ್ಯಕ್ಷಿಕೆಗಳನ್ನು ಪ್ರದರ್ಶಿಸಲಾಯಿತು. 30 ಕ್ಕೂ ಹೆಚ್ಚು ಮಳಿಗೆಗಳಲ್ಲಿ ಮಾಹಿತಿ ನೀಡಲಾಯಿತು; 2 ಟನ್‌ಗೂ ಹೆಚ್ಚು ತ್ಯಾಜ್ಯ ವಿಲೇವಾರಿ ಮಾಡಲಾಯಿತು.

ಪುರಸಭೆ ಅಧ್ಯಕ್ಷರು, ಮುಖ್ಯಾಧಿಕಾರಿಗಳು, ಸದಸ್ಯರು ಹಾಗೂ ಸಿಬ್ಬಂದಿ ಕಾರ್ಯಕ್ರಮದಲ್ಲಿ ಭಾಗವಹಿಸಿದ್ದರು. 80 ಕ್ಕೂ ಹೆಚ್ಚು ಸ್ವಯಂ ಸೇವಕರು ಶ್ರಮದಾನ ಮಾಡಿದರು.

ನೀರಿನ ಸದ್ಬಳಕೆ, ಹಸಿ ಮತ್ತು ಒಣ ಕಸ ವಿಂಗಡಣೆ, ಜೈವಿಕ ವೈವಿಧ್ಯತೆಯ ಸಂರಕ್ಷಣೆ ಕುರಿತು ವಿದ್ಯಾರ್ಥಿಗಳಿಗೆ ಪ್ರಾತ್ಯಕ್ಷಿಕೆ ಸಹಿತ ಮಾಹಿತಿ ನೀಡಲಾಯಿತು. ಶಾಲಾ ಮಕ್ಕಳು ಪರಿಸರ ಗೀತೆಗಳನ್ನು ಹಾಡಿ ಗಮನ ಸೆಳೆದರು.

ಪರಿಸರ ಸಂರಕ್ಷಣೆ ಪ್ರತಿಯೊಬ್ಬರ ಜವಾಬ್ದಾರಿ ಎಂದು ಪುರಸಭೆ ಅಧ್ಯಕ್ಷರು ಹೇಳಿದರು. ಮುಂದಿನ ದಿನಗಳಲ್ಲಿ ಪ್ರತಿ ವಾರ್ಡ್‌ನಲ್ಲೂ ಇಂತಹ ಜಾಗೃತಿ ಕಾರ್ಯಕ್ರಮ ನಡೆಸುವುದಾಗಿ ತಿಳಿಸಿದರು.

ಟ್ರಸ್ಟ್‌ನ ಸ್ವಯಂಸೇವಕರು ಮನೆ ಮನೆಗೆ ತೆರಳಿ ಕಸ ವಿಂಗಡಣೆಯ ಮಹತ್ವ ತಿಳಿಸಿದರು. ಸಾರ್ವಜನಿಕರಿಂದ ಉತ್ತಮ ಪ್ರತಿಕ್ರಿಯೆ ವ್ಯಕ್ತವಾಯಿತು ಎಂದು ಸಂಘಟಕರು ತಿಳಿಸಿದ್ದಾರೆ.

ಇದೇ ಸಂದರ್ಭದಲ್ಲಿ ಸಸಿ ನೆಡುವ ಕಾರ್ಯಕ್ರಮವೂ ನಡೆಯಿತು. ಪಟ್ಟಣದ ಪ್ರಮುಖ ರಸ್ತೆಗಳಲ್ಲಿ ಸ್ವಚ್ಛತಾ ಅಭಿಯಾನ ಹಮ್ಮಿಕೊಳ್ಳಲಾಗಿತ್ತು. ವಿದ್ಯಾರ್ಥಿಗಳು, ಶಿಕ್ಷಕರು ಹಾಗೂ ನಾಗರಿಕರು ಉತ್ಸಾಹದಿಂದ ಪಾಲ್ಗೊಂಡರು.

ನಾಳೆ ಈಶ ಮೊಬೈಲ್ ಹೆಲ್ತ್ ಕ್ಲಿನಿಕ್ 1 ದಿನದ ಮಲ್ಟಿಸ್ಪೆಷಾಲಿಟಿ ವೈದ್ಯಕೀಯ ಶಿಬಿರ

ಚಿಕ್ಕಬಳ್ಳಾಪುರ: ಈಶ ಫೌಂಡೇಶನ್ ವತಿಯಿಂದ ನಾಳೆ ಈಶ ಮೊಬೈಲ್ ಹೆಲ್ತ್ ಕ್ಲಿನಿಕ್ 1 ದಿನದ ಮಲ್ಟಿಸ್ಪೆಷಾಲಿಟಿ ಉಚಿತ ವೈದ್ಯಕೀಯ ಶಿಬಿರವನ್ನು ಹಮ್ಮಿಕೊಳ್ಳಲಾಗಿದೆ.

ಮಾರ್ಚ್ 23 ರಂದು ಬೆಳಿಗ್ಗೆ 8 ರಿಂದ ಮಧ್ಯಾಹ್ನ 1 ಗಂಟೆಯವರೆಗೆ ಶಿಬಿರ ನಡೆಯಲಿದ್ದು, ಹೃದಯ, ಮಧುಮೇಹ, ಕಣ್ಣು, ಮೂಳೆ ಸೇರಿದಂತೆ ವಿವಿಧ ತಜ್ಞ ವೈದ್ಯರು ಉಚಿತ ತಪಾಸಣೆ ನಡೆಸಲಿದ್ದಾರೆ.

ಆರೋಗ್ಯ ಮತ್ತು ಕುಟುಂಬ ಕಲ್ಯಾಣ ಇಲಾಖೆಯ ಸಹಯೋಗದಲ್ಲಿ ನಡೆಯುವ ಶಿಬಿರದಲ್ಲಿ ಶಂಕರ ಕಣ್ಣಿನ ಆಸ್ಪತ್ರೆಯು ಕಣ್ಣಿನ ಪೊರೆ ರೋಗನಿರ್ಣಯ ಹಾಗೂ ಉಚಿತ ಶಸ್ತ್ರಚಿಕಿತ್ಸೆ ಸೌಲಭ್ಯ ಒದಗಿಸಲಿದೆ.

ಈಶ ಮೊಬೈಲ್ ಹೆಲ್ತ್ ಕ್ಲಿನಿಕ್ ಈವರೆಗೆ ಗ್ರಾಮೀಣ ಭಾಗದಲ್ಲಿ ಆರೋಗ್ಯ ಸೇವೆಗಳನ್ನು ನೀಡುತ್ತಿದ್ದು, ಈ ಸಮಯದಲ್ಲಿ 30,000 ಕ್ಕೂ ಹೆಚ್ಚು ಉಚಿತ ಸಮಾಲೋಚನೆಗಳನ್ನು ಒದಗಿಸಿದೆ.

ಎಸ್.ಎಸ್.ಎಲ್.ಸಿ ಪರೀಕ್ಷೆ: 12,620 ವಿದ್ಯಾರ್ಥಿಗಳು ಹಾಜರು

ರಾಮನಗರ : ರಾಜ್ಯಾದ್ಯಂತ ಎಸ್.ಎಸ್.ಎಲ್.ಸಿ ಪರೀಕ್ಷೆಗಳು ಪ್ರಾರಂಭಗೊಂಡಿದ್ದು, ರಾಮನಗರ ಜಿಲ್ಲೆಯಲ್ಲಿ 49 ಕೇಂದ್ರಗಳಲ್ಲಿ ಒಟ್ಟು 12,620 ವಿದ್ಯಾರ್ಥಿಗಳು ಹಾಜರಾಗಿದ್ದು, 217 ವಿದ್ಯಾರ್ಥಿಗಳು ಗೈರಾಗಿದ್ದಾರೆ.

ರಾಮನಗರ ತಾಲ್ಲೂಕಿನಲ್ಲಿ 3,003 ವಿದ್ಯಾರ್ಥಿಗಳು ಹಾಜರಾಗಿ, 46 ವಿದ್ಯಾರ್ಥಿಗಳು ಗೈರು; ಚನ್ನಪಟ್ಟಣದಲ್ಲಿ 3,858 ವಿದ್ಯಾರ್ಥಿಗಳು ಹಾಜರಾಗಿ, 63 ವಿದ್ಯಾರ್ಥಿಗಳು ಗೈರು ಹಾಜರಾಗಿದ್ದಾರೆ.

ಕನಕಪುರದಲ್ಲಿ 2,435 ವಿದ್ಯಾರ್ಥಿಗಳು ಪರೀಕ್ಷೆ ಬರೆದಿದ್ದು, 44 ವಿದ್ಯಾರ್ಥಿಗಳು ಗೈರು; ಮಾಗಡಿಯಲ್ಲಿ 3,324 ವಿದ್ಯಾರ್ಥಿಗಳು ಪರೀಕ್ಷೆ ಬರೆದಿದ್ದು, 64 ವಿದ್ಯಾರ್ಥಿಗಳು ಗೈರಾಗಿದ್ದಾರೆ ಎಂದು ಶಿಕ್ಷಣ ಇಲಾಖೆ ತಿಳಿಸಿದೆ.
